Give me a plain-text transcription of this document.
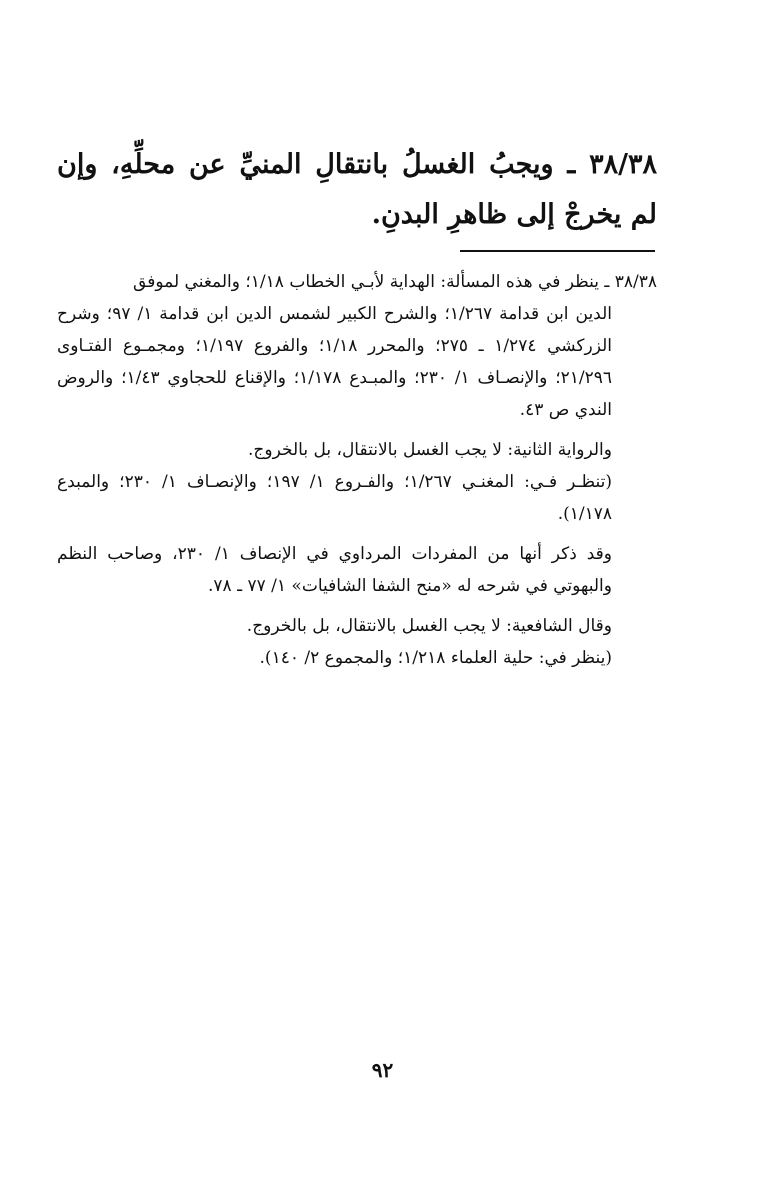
٣٨/٣٨ ـ ويجبُ الغسلُ بانتقالِ المنيِّ عن محلِّهِ، وإن لم يخرجْ إلى ظاهرِ البدنِ.

٣٨/٣٨ ـ ينظر في هذه المسألة: الهداية لأبـي الخطاب ١/١٨؛ والمغني لموفق
الدين ابن قدامة ١/٢٦٧؛ والشرح الكبير لشمس الدين ابن قدامة ١/ ٩٧؛ وشرح الزركشي ١/٢٧٤ ـ ٢٧٥؛ والمحرر ١/١٨؛ والفروع ١/١٩٧؛ ومجمـوع الفتـاوى ٢١/٢٩٦؛ والإنصـاف ١/ ٢٣٠؛ والمبـدع ١/١٧٨؛ والإقناع للحجاوي ١/٤٣؛ والروض الندي ص ٤٣.

والرواية الثانية: لا يجب الغسل بالانتقال، بل بالخروج.

(تنظـر فـي: المغنـي ١/٢٦٧؛ والفـروع ١/ ١٩٧؛ والإنصـاف ١/ ٢٣٠؛ والمبدع ١/١٧٨).

وقد ذكر أنها من المفردات المرداوي في الإنصاف ١/ ٢٣٠، وصاحب النظم والبهوتي في شرحه له «منح الشفا الشافيات» ١/ ٧٧ ـ ٧٨.

وقال الشافعية: لا يجب الغسل بالانتقال، بل بالخروج.

(ينظر في: حلية العلماء ١/٢١٨؛ والمجموع ٢/ ١٤٠).

٩٢
